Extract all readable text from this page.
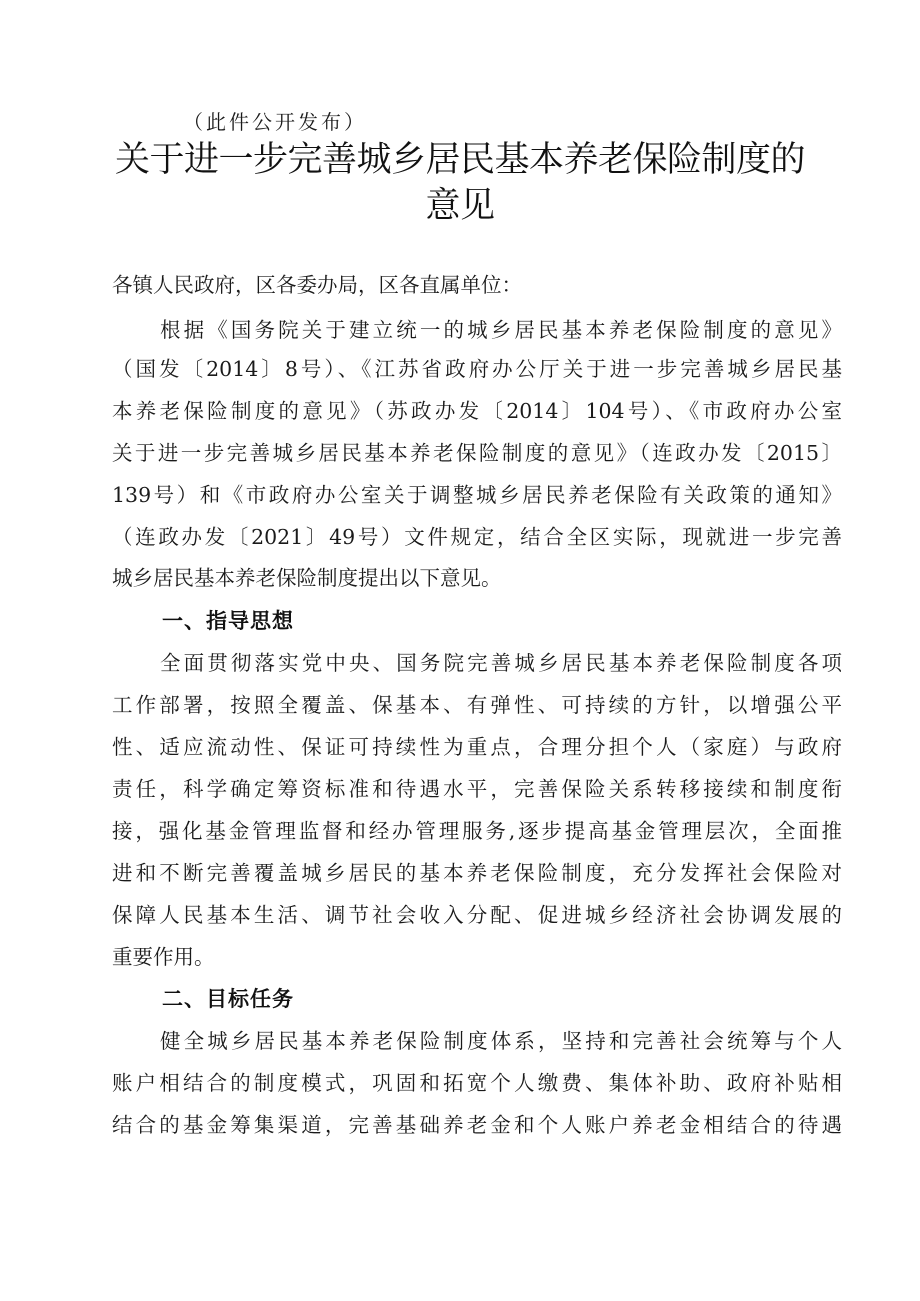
（此件公开发布）
关于进一步完善城乡居民基本养老保险制度的
意见
各镇人民政府，区各委办局，区各直属单位：
根据《国务院关于建立统一的城乡居民基本养老保险制度的意见》
（国发〔2014〕8号）、《江苏省政府办公厅关于进一步完善城乡居民基
本养老保险制度的意见》（苏政办发〔2014〕104号）、《市政府办公室
关于进一步完善城乡居民基本养老保险制度的意见》（连政办发〔2015〕
139号）和《市政府办公室关于调整城乡居民养老保险有关政策的通知》
（连政办发〔2021〕49号）文件规定，结合全区实际，现就进一步完善
城乡居民基本养老保险制度提出以下意见。
一、指导思想
全面贯彻落实党中央、国务院完善城乡居民基本养老保险制度各项
工作部署，按照全覆盖、保基本、有弹性、可持续的方针，以增强公平
性、适应流动性、保证可持续性为重点，合理分担个人（家庭）与政府
责任，科学确定筹资标准和待遇水平，完善保险关系转移接续和制度衔
接，强化基金管理监督和经办管理服务,逐步提高基金管理层次，全面推
进和不断完善覆盖城乡居民的基本养老保险制度，充分发挥社会保险对
保障人民基本生活、调节社会收入分配、促进城乡经济社会协调发展的
重要作用。
二、目标任务
健全城乡居民基本养老保险制度体系，坚持和完善社会统筹与个人
账户相结合的制度模式，巩固和拓宽个人缴费、集体补助、政府补贴相
结合的基金筹集渠道，完善基础养老金和个人账户养老金相结合的待遇
